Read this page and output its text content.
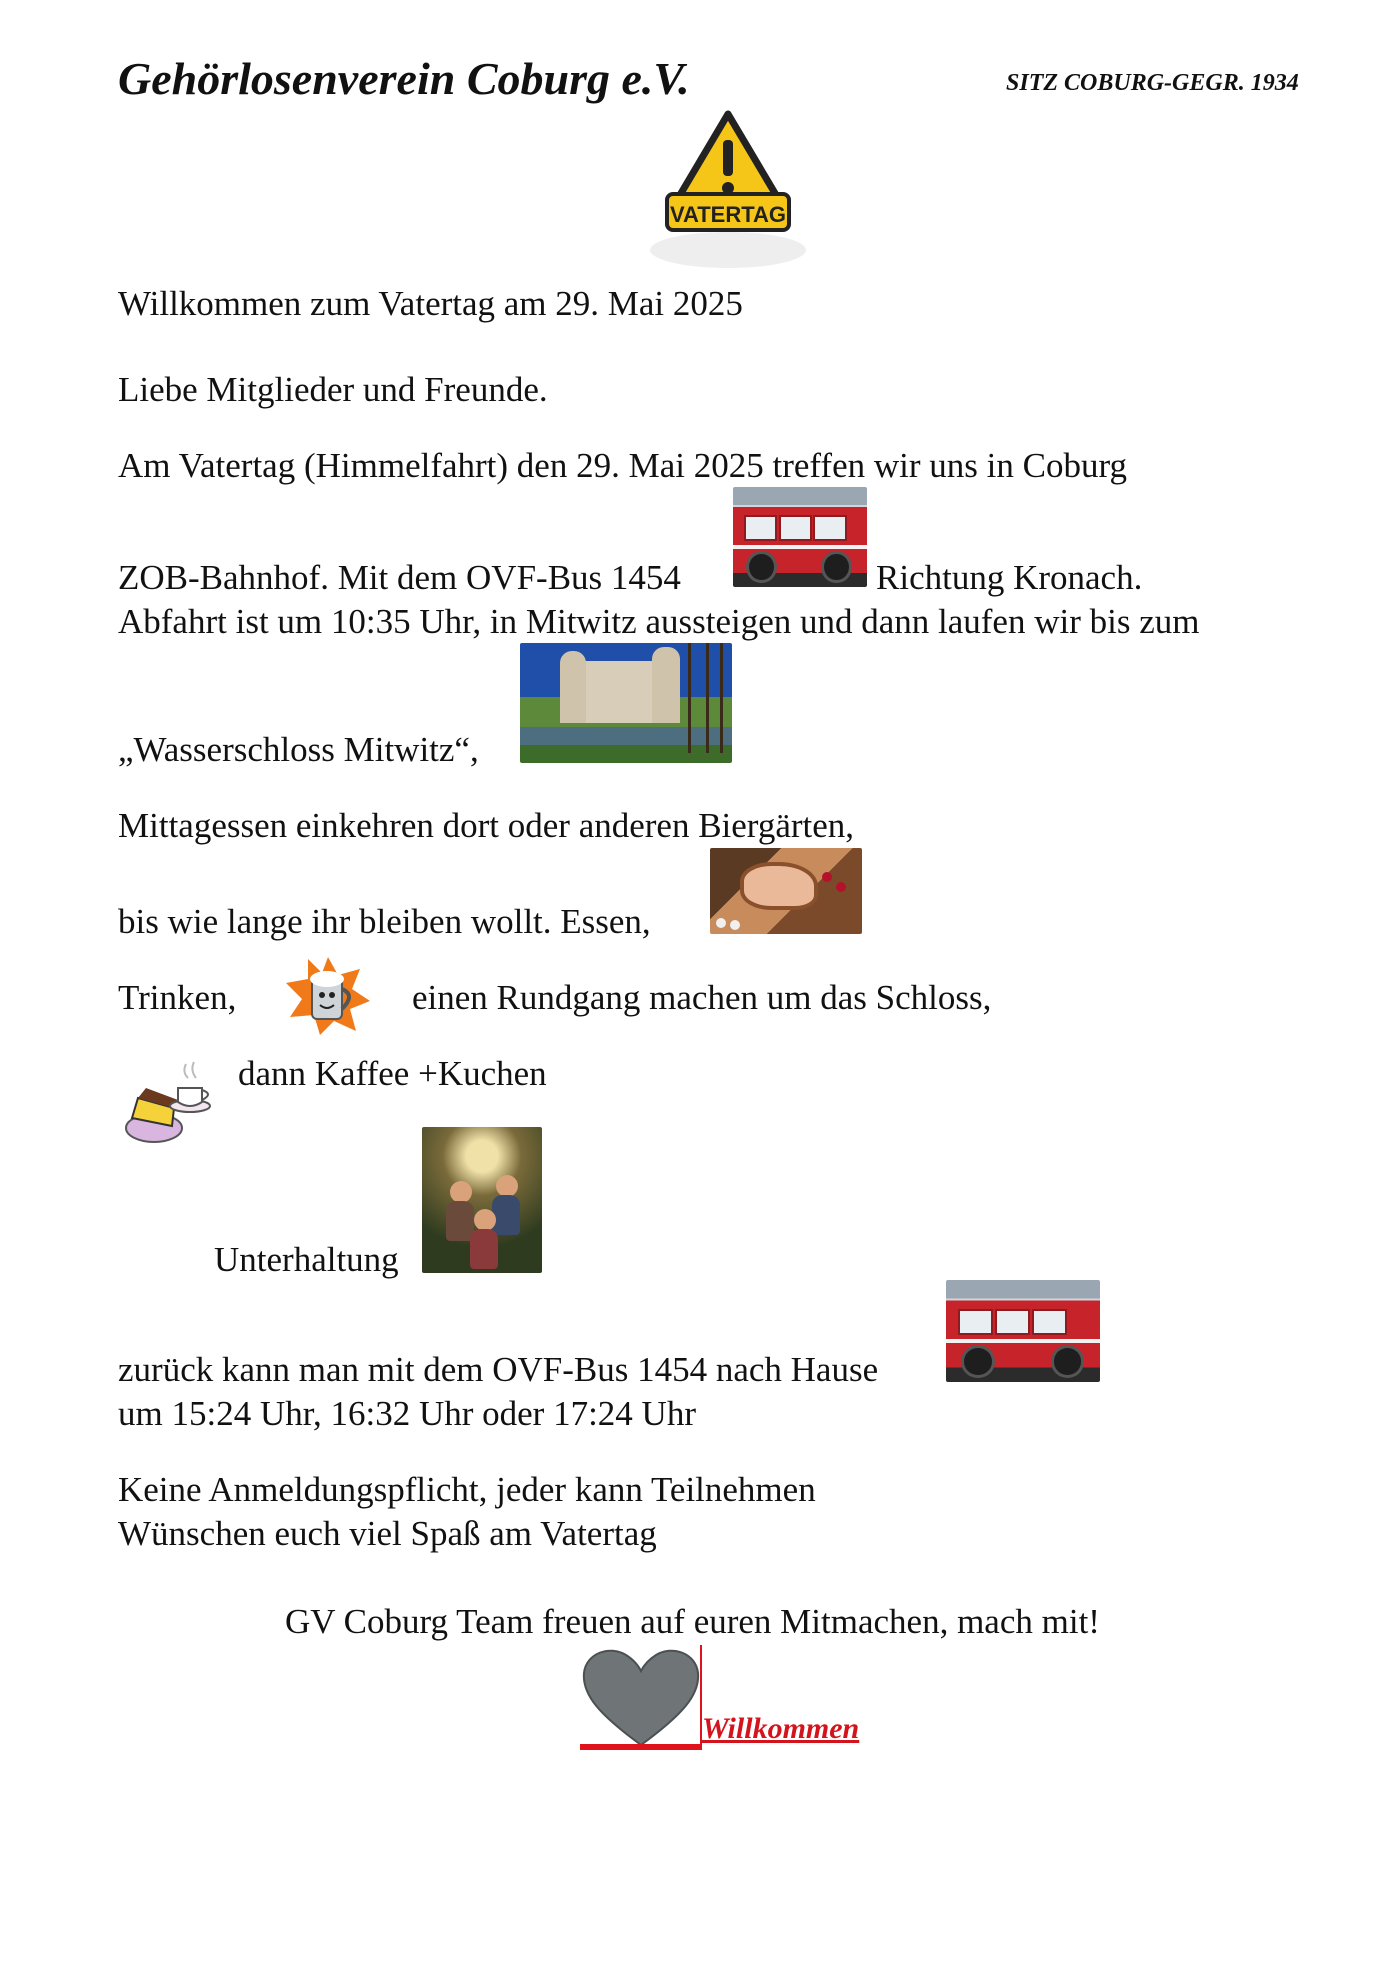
Gehörlosenverein Coburg e.V.	SITZ COBURG-GEGR. 1934
VATERTAG
Willkommen zum Vatertag am 29. Mai 2025
Liebe Mitglieder und Freunde.
Am Vatertag (Himmelfahrt) den 29. Mai 2025 treffen wir uns in Coburg
ZOB-Bahnhof. Mit dem OVF-Bus 1454	Richtung Kronach.
Abfahrt ist um 10:35 Uhr, in Mitwitz aussteigen und dann laufen wir bis zum
„Wasserschloss Mitwitz“,
Mittagessen einkehren dort oder anderen Biergärten,
bis wie lange ihr bleiben wollt. Essen,
Trinken,	einen Rundgang machen um das Schloss,
dann Kaffee +Kuchen
Unterhaltung
zurück kann man mit dem OVF-Bus 1454 nach Hause
um 15:24 Uhr, 16:32 Uhr oder 17:24 Uhr
Keine Anmeldungspflicht, jeder kann Teilnehmen
Wünschen euch viel Spaß am Vatertag
GV Coburg Team freuen auf euren Mitmachen, mach mit!
Willkommen
